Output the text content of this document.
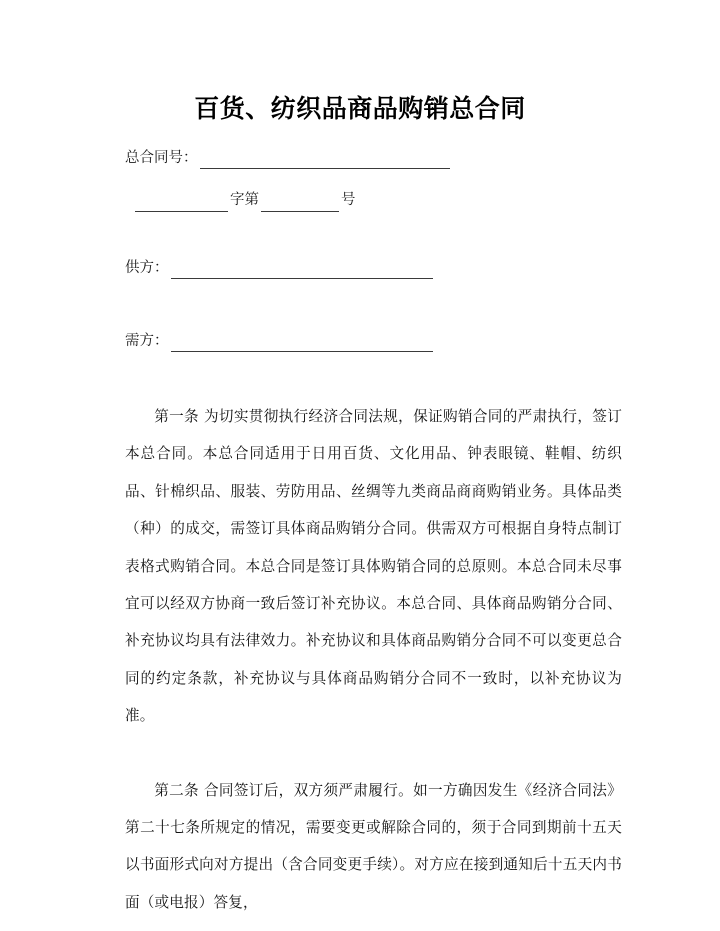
百货、纺织品商品购销总合同
总合同号：
字第	号
供方：
需方：

第一条 为切实贯彻执行经济合同法规，保证购销合同的严肃执行，签订本总合同。本总合同适用于日用百货、文化用品、钟表眼镜、鞋帽、纺织品、针棉织品、服装、劳防用品、丝绸等九类商品商商购销业务。具体品类（种）的成交，需签订具体商品购销分合同。供需双方可根据自身特点制订表格式购销合同。本总合同是签订具体购销合同的总原则。本总合同未尽事宜可以经双方协商一致后签订补充协议。本总合同、具体商品购销分合同、补充协议均具有法律效力。补充协议和具体商品购销分合同不可以变更总合同的约定条款，补充协议与具体商品购销分合同不一致时，以补充协议为准。

第二条 合同签订后，双方须严肃履行。如一方确因发生《经济合同法》第二十七条所规定的情况，需要变更或解除合同的，须于合同到期前十五天以书面形式向对方提出（含合同变更手续）。对方应在接到通知后十五天内书面（或电报）答复，
